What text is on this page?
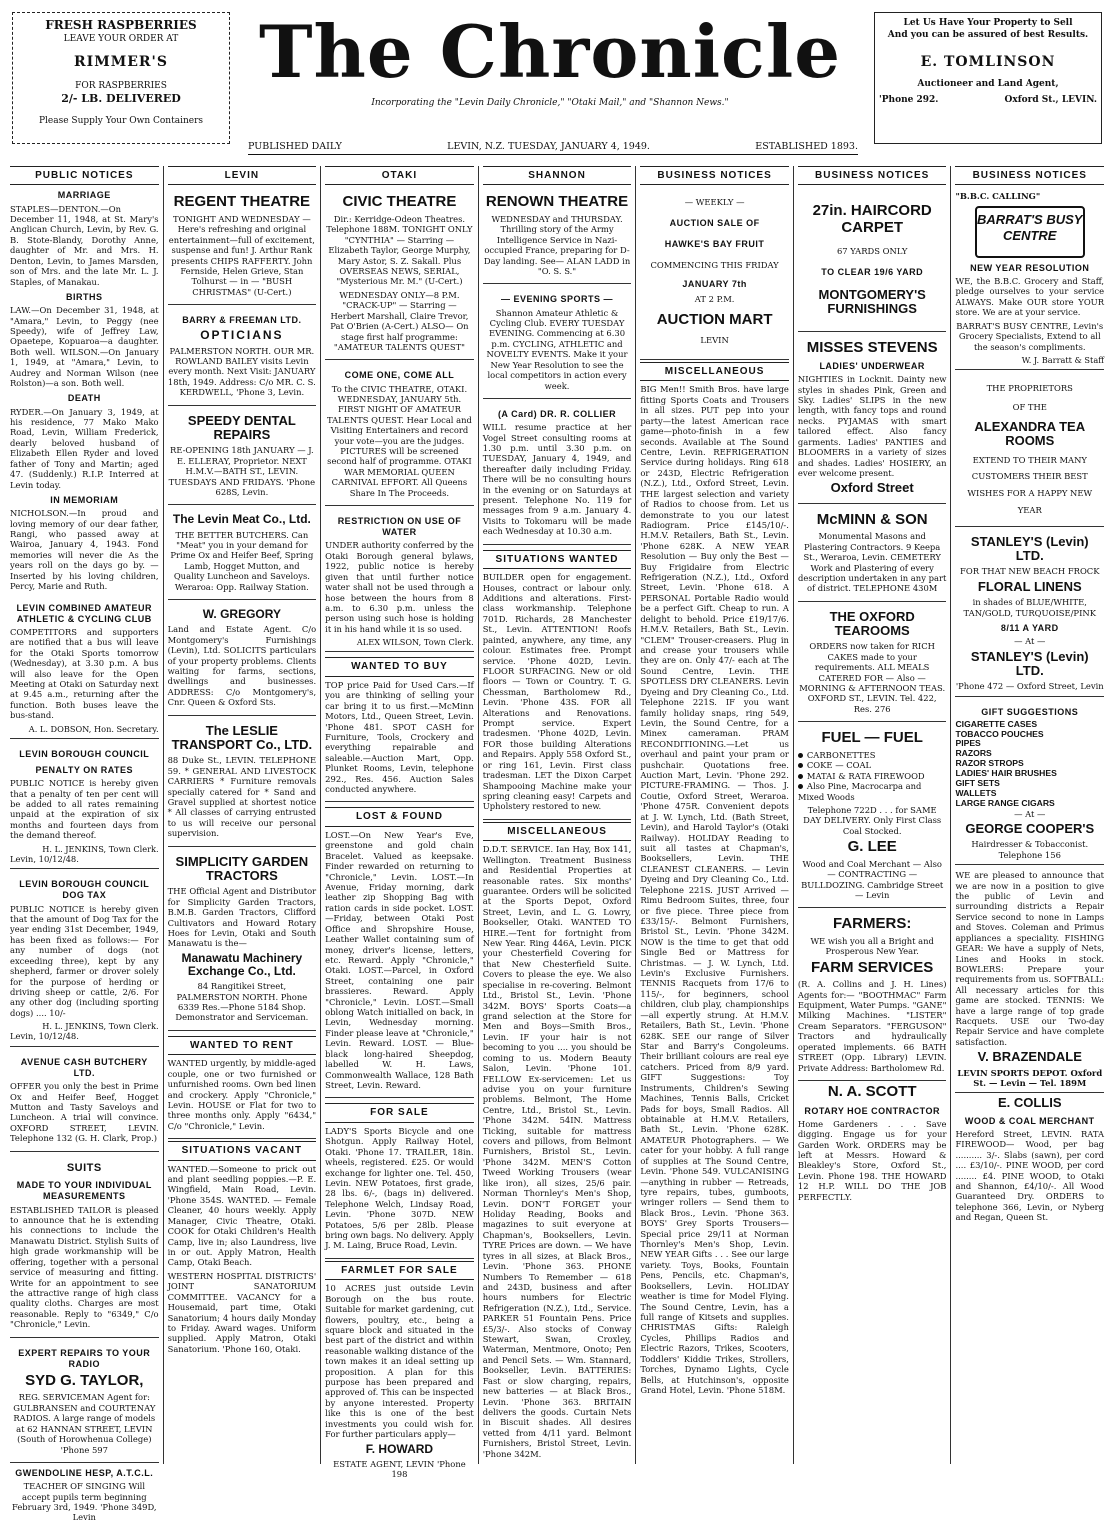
FRESH RASPBERRIES
LEAVE YOUR ORDER AT
RIMMER'S
FOR RASPBERRIES
2/- LB. DELIVERED
Please Supply Your Own Containers
The Chronicle
Incorporating the "Levin Daily Chronicle," "Otaki Mail," and "Shannon News."
Let Us Have Your Property to Sell
And you can be assured of best Results.
E. TOMLINSON
Auctioneer and Land Agent,
'Phone 292.	Oxford St., LEVIN.
PUBLISHED DAILY	LEVIN, N.Z. TUESDAY, JANUARY 4, 1949.	ESTABLISHED 1893.
PUBLIC NOTICES
MARRIAGE

STAPLES—DENTON.—On December 11, 1948, at St. Mary's Anglican Church, Levin, by Rev. G. B. Stote-Blandy, Dorothy Anne, daughter of Mr. and Mrs. H. Denton, Levin, to James Marsden, son of Mrs. and the late Mr. L. J. Staples, of Manakau.

BIRTHS

LAW.—On December 31, 1948, at "Amara," Levin, to Peggy (nee Speedy), wife of Jeffrey Law, Opaetepe, Kopuaroa—a daughter. Both well. WILSON.—On January 1, 1949, at "Amara," Levin, to Audrey and Norman Wilson (nee Rolston)—a son. Both well.

DEATH

RYDER.—On January 3, 1949, at his residence, 77 Mako Mako Road, Levin, William Frederick, dearly beloved husband of Elizabeth Ellen Ryder and loved father of Tony and Martin; aged 47. (Suddenly.) R.I.P. Interred at Levin today.

IN MEMORIAM

NICHOLSON.—In proud and loving memory of our dear father, Rangi, who passed away at Wairoa, January 4, 1943. Fond memories will never die As the years roll on the days go by. —Inserted by his loving children, Percy, Marie and Ruth.

LEVIN COMBINED AMATEUR ATHLETIC & CYCLING CLUB

COMPETITORS and supporters are notified that a bus will leave for the Otaki Sports tomorrow (Wednesday), at 3.30 p.m. A bus will also leave for the Open Meeting at Otaki on Saturday next at 9.45 a.m., returning after the function. Both buses leave the bus-stand.

A. L. DOBSON, Hon. Secretary.
LEVIN BOROUGH COUNCIL
PENALTY ON RATES

PUBLIC NOTICE is hereby given that a penalty of ten per cent will be added to all rates remaining unpaid at the expiration of six months and fourteen days from the demand thereof.

H. L. JENKINS, Town Clerk.
Levin, 10/12/48.
LEVIN BOROUGH COUNCIL DOG TAX

PUBLIC NOTICE is hereby given that the amount of Dog Tax for the year ending 31st December, 1949, has been fixed as follows:— For any number of dogs (not exceeding three), kept by any shepherd, farmer or drover solely for the purpose of herding or driving sheep or cattle, 2/6. For any other dog (including sporting dogs) .... 10/-

H. L. JENKINS, Town Clerk.
Levin, 10/12/48.
AVENUE CASH BUTCHERY LTD.

OFFER you only the best in Prime Ox and Heifer Beef, Hogget Mutton and Tasty Saveloys and Luncheon. A trial will convince. OXFORD STREET, LEVIN. Telephone 132 (G. H. Clark, Prop.)

SUITS
MADE TO YOUR INDIVIDUAL MEASUREMENTS

ESTABLISHED TAILOR is pleased to announce that he is extending his connections to include the Manawatu District. Stylish Suits of high grade workmanship will be offering, together with a personal service of measuring and fitting. Write for an appointment to see the attractive range of high class quality cloths. Charges are most reasonable. Reply to "6349," C/o "Chronicle," Levin.

EXPERT REPAIRS TO YOUR RADIO
SYD G. TAYLOR,

REG. SERVICEMAN Agent for: GULBRANSEN and COURTENAY RADIOS. A large range of models at 62 HANNAN STREET, LEVIN (South of Horowhenua College) 'Phone 597

GWENDOLINE HESP, A.T.C.L.

TEACHER OF SINGING Will accept pupils term beginning February 3rd, 1949. 'Phone 349D, Levin

LEVIN
REGENT THEATRE

TONIGHT AND WEDNESDAY — Here's refreshing and original entertainment—full of excitement, suspense and fun! J. Arthur Rank presents CHIPS RAFFERTY. John Fernside, Helen Grieve, Stan Tolhurst — in — "BUSH CHRISTMAS" (U-Cert.)

BARRY & FREEMAN LTD.
OPTICIANS

PALMERSTON NORTH. OUR MR. ROWLAND BAILEY visits Levin every month. Next Visit: JANUARY 18th, 1949. Address: C/o MR. C. S. KERDWELL, 'Phone 3, Levin.

SPEEDY DENTAL REPAIRS

RE-OPENING 18th JANUARY — J. E. ELLERAY, Proprietor. NEXT H.M.V.—BATH ST., LEVIN. TUESDAYS AND FRIDAYS. 'Phone 628S, Levin.

The Levin Meat Co., Ltd.

THE BETTER BUTCHERS. Can "Meat" you in your demand for Prime Ox and Heifer Beef, Spring Lamb, Hogget Mutton, and Quality Luncheon and Saveloys. Weraroa: Opp. Railway Station.

W. GREGORY

Land and Estate Agent. C/o Montgomery's Furnishings (Levin), Ltd. SOLICITS particulars of your property problems. Clients waiting for farms, sections, dwellings and businesses. ADDRESS: C/o Montgomery's, Cnr. Queen & Oxford Sts.

The LESLIE TRANSPORT Co., LTD.

88 Duke St., LEVIN. TELEPHONE 59. * GENERAL AND LIVESTOCK CARRIERS * Furniture removals specially catered for * Sand and Gravel supplied at shortest notice * All classes of carrying entrusted to us will receive our personal supervision.

SIMPLICITY GARDEN TRACTORS

THE Official Agent and Distributor for Simplicity Garden Tractors, B.M.B. Garden Tractors, Clifford Cultivators and Howard Rotary Hoes for Levin, Otaki and South Manawatu is the—

Manawatu Machinery Exchange Co., Ltd.

84 Rangitikei Street, PALMERSTON NORTH. Phone 6339 Res.—Phone 5184 Shop. Demonstrator and Serviceman.

WANTED TO RENT

WANTED urgently, by middle-aged couple, one or two furnished or unfurnished rooms. Own bed linen and crockery. Apply "Chronicle," Levin. HOUSE or Flat for two to three months only. Apply "6434," C/o "Chronicle," Levin.

SITUATIONS VACANT

WANTED.—Someone to prick out and plant seedling poppies.—P. E. Wingfield, Main Road, Levin. 'Phone 354S. WANTED. — Female Cleaner, 40 hours weekly. Apply Manager, Civic Theatre, Otaki. COOK for Otaki Children's Health Camp, live in; also Laundress, live in or out. Apply Matron, Health Camp, Otaki Beach.

WESTERN HOSPITAL DISTRICTS' JOINT SANATORIUM COMMITTEE. VACANCY for a Housemaid, part time, Otaki Sanatorium; 4 hours daily Monday to Friday. Award wages. Uniform supplied. Apply Matron, Otaki Sanatorium. 'Phone 160, Otaki.

OTAKI
CIVIC THEATRE

Dir.: Kerridge-Odeon Theatres. Telephone 188M. TONIGHT ONLY "CYNTHIA" — Starring — Elizabeth Taylor, George Murphy, Mary Astor, S. Z. Sakall. Plus OVERSEAS NEWS, SERIAL, "Mysterious Mr. M." (U-Cert.)

WEDNESDAY ONLY—8 P.M. "CRACK-UP" — Starring — Herbert Marshall, Claire Trevor, Pat O'Brien (A-Cert.) ALSO— On stage first half programme: "AMATEUR TALENTS QUEST"

COME ONE, COME ALL

To the CIVIC THEATRE, OTAKI. WEDNESDAY, JANUARY 5th. FIRST NIGHT OF AMATEUR TALENTS QUEST. Hear Local and Visiting Entertainers and record your vote—you are the judges. PICTURES will be screened second half of programme. OTAKI WAR MEMORIAL QUEEN CARNIVAL EFFORT. All Queens Share In The Proceeds.

RESTRICTION ON USE OF WATER

UNDER authority conferred by the Otaki Borough general bylaws, 1922, public notice is hereby given that until further notice water shall not be used through a hose between the hours from 8 a.m. to 6.30 p.m. unless the person using such hose is holding it in his hand while it is so used.

ALEX WILSON, Town Clerk.
WANTED TO BUY

TOP price Paid for Used Cars.—If you are thinking of selling your car bring it to us first.—McMinn Motors, Ltd., Queen Street, Levin. 'Phone 481. SPOT CASH for Furniture, Tools, Crockery and everything repairable and saleable.—Auction Mart, Opp. Plunket Rooms, Levin, telephone 292., Res. 456. Auction Sales conducted anywhere.

LOST & FOUND

LOST.—On New Year's Eve, greenstone and gold chain Bracelet. Valued as keepsake. Finder rewarded on returning to "Chronicle," Levin. LOST.—In Avenue, Friday morning, dark leather zip Shopping Bag with ration cards in side pocket. LOST.—Friday, between Otaki Post Office and Shropshire House, Leather Wallet containing sum of money, driver's license, letters, etc. Reward. Apply "Chronicle," Otaki. LOST.—Parcel, in Oxford Street, containing one pair brassieres. Reward. Apply "Chronicle," Levin. LOST.—Small oblong Watch initialled on back, in Levin, Wednesday morning. Finder please leave at "Chronicle," Levin. Reward. LOST. — Blue-black long-haired Sheepdog, labelled W. H. Laws, Commonwealth Wallace, 128 Bath Street, Levin. Reward.

FOR SALE

LADY'S Sports Bicycle and one Shotgun. Apply Railway Hotel, Otaki. 'Phone 17. TRAILER, 18in. wheels, registered. £25. Or would exchange for lighter one. Tel. 450, Levin. NEW Potatoes, first grade, 28 lbs. 6/-, (bags in) delivered. Telephone Welch, Lindsay Road, Levin. 'Phone 307D. NEW Potatoes, 5/6 per 28lb. Please bring own bags. No delivery. Apply J. M. Laing, Bruce Road, Levin.

FARMLET FOR SALE

10 ACRES just outside Levin Borough on the bus route. Suitable for market gardening, cut flowers, poultry, etc., being a square block and situated in the best part of the district and within reasonable walking distance of the town makes it an ideal setting up proposition. A plan for this purpose has been prepared and approved of. This can be inspected by anyone interested. Property like this is one of the best investments you could wish for. For further particulars apply—

F. HOWARD
ESTATE AGENT, LEVIN 'Phone 198
SHANNON
RENOWN THEATRE

WEDNESDAY and THURSDAY. Thrilling story of the Army Intelligence Service in Nazi-occupied France, preparing for D-Day landing. See— ALAN LADD in "O. S. S."

— EVENING SPORTS —

Shannon Amateur Athletic & Cycling Club. EVERY TUESDAY EVENING. Commencing at 6.30 p.m. CYCLING, ATHLETIC and NOVELTY EVENTS. Make it your New Year Resolution to see the local competitors in action every week.

(A Card) DR. R. COLLIER

WILL resume practice at her Vogel Street consulting rooms at 1.30 p.m. until 3.30 p.m. on TUESDAY, January 4, 1949, and thereafter daily including Friday. There will be no consulting hours in the evening or on Saturdays at present. Telephone No. 119 for messages from 9 a.m. January 4. Visits to Tokomaru will be made each Wednesday at 10.30 a.m.

SITUATIONS WANTED

BUILDER open for engagement. Houses, contract or labour only. Additions and alterations. First-class workmanship. Telephone 701D. Richards, 28 Manchester St., Levin. ATTENTION! Roofs painted, anywhere, any time, any colour. Estimates free. Prompt service. 'Phone 402D, Levin. FLOOR SURFACING. New or old floors — Town or Country. T. G. Chessman, Bartholomew Rd., Levin. 'Phone 43S. FOR all Alterations and Renovations. Prompt service. Expert tradesmen. 'Phone 402D, Levin. FOR those building Alterations and Repairs. Apply 558 Oxford St., or ring 161, Levin. First class tradesman. LET the Dixon Carpet Shampooing Machine make your spring cleaning easy! Carpets and Upholstery restored to new.

MISCELLANEOUS

D.D.T. SERVICE. Ian Hay, Box 141, Wellington. Treatment Business and Residential Properties at reasonable rates. Six months' guarantee. Orders will be solicited at the Sports Depot, Oxford Street, Levin, and L. G. Lowry, Bookseller, Otaki. WANTED TO HIRE.—Tent for fortnight from New Year. Ring 446A, Levin. PICK your Chesterfield Covering for that New Chesterfield Suite. Covers to please the eye. We also specialise in re-covering. Belmont Ltd., Bristol St., Levin. 'Phone 342M. BOYS' Sports Coats—a grand selection at the Store for Men and Boys—Smith Bros., Levin. IF your hair is not becoming to you .... you should be coming to us. Modern Beauty Salon, Levin. 'Phone 101. FELLOW Ex-servicemen: Let us advise you on your furniture problems. Belmont, The Home Centre, Ltd., Bristol St., Levin. 'Phone 342M. 54IN. Mattress Ticking, suitable for mattress covers and pillows, from Belmont Furnishers, Bristol St., Levin. 'Phone 342M. MEN'S Cotton Tweed Working Trousers (wear like iron), all sizes, 25/6 pair. Norman Thornley's Men's Shop, Levin. DON'T FORGET your Holiday Reading, Books and magazines to suit everyone at Chapman's, Booksellers, Levin. TYRE Prices are down. — We have tyres in all sizes, at Black Bros., Levin. 'Phone 363. PHONE Numbers To Remember — 618 and 243D, business and after hours numbers for Electric Refrigeration (N.Z.), Ltd., Service. PARKER 51 Fountain Pens. Price £5/3/-. Also stocks of Conway Stewart, Swan, Croxley, Waterman, Mentmore, Onoto; Pen and Pencil Sets. — Wm. Stannard, Bookseller, Levin. BATTERIES: Fast or slow charging, repairs, new batteries — at Black Bros., Levin. 'Phone 363. BRITAIN delivers the goods. Curtain Nets in Biscuit shades. All desires vetted from 4/11 yard. Belmont Furnishers, Bristol Street, Levin. 'Phone 342M.

BUSINESS NOTICES
— WEEKLY —
AUCTION SALE OF
HAWKE'S BAY FRUIT
COMMENCING THIS FRIDAY
JANUARY 7th
AT 2 P.M.
AUCTION MART
LEVIN
MISCELLANEOUS

BIG Men!! Smith Bros. have large fitting Sports Coats and Trousers in all sizes. PUT pep into your party—the latest American race game—photo-finish in a few seconds. Available at The Sound Centre, Levin. REFRIGERATION Service during holidays. Ring 618 or 243D, Electric Refrigeration (N.Z.), Ltd., Oxford Street, Levin. THE largest selection and variety of Radios to choose from. Let us demonstrate to you our latest Radiogram. Price £145/10/-. H.M.V. Retailers, Bath St., Levin. 'Phone 628K. A NEW YEAR Resolution — Buy only the Best — Buy Frigidaire from Electric Refrigeration (N.Z.), Ltd., Oxford Street, Levin. 'Phone 618. A PERSONAL Portable Radio would be a perfect Gift. Cheap to run. A delight to behold. Price £19/17/6. H.M.V. Retailers, Bath St., Levin. "CLEM" Trouser-creasers. Plug in and crease your trousers while they are on. Only 47/- each at The Sound Centre, Levin. THE SPOTLESS DRY CLEANERS. Levin Dyeing and Dry Cleaning Co., Ltd. Telephone 221S. IF you want family holiday snaps, ring 549, Levin, the Sound Centre, for a Minex cameraman. PRAM RECONDITIONING.—Let us overhaul and paint your pram or pushchair. Quotations free. Auction Mart, Levin. 'Phone 292. PICTURE-FRAMING. — Thos. J. Coutie, Oxford Street, Weraroa. 'Phone 475R. Convenient depots at J. W. Lynch, Ltd. (Bath Street, Levin), and Harold Taylor's (Otaki Railway). HOLIDAY Reading to suit all tastes at Chapman's, Booksellers, Levin. THE CLEANEST CLEANERS. — Levin Dyeing and Dry Cleaning Co., Ltd. Telephone 221S. JUST Arrived — Rimu Bedroom Suites, three, four or five piece. Three piece from £33/15/-. Belmont Furnishers, Bristol St., Levin. 'Phone 342M. NOW is the time to get that odd Single Bed or Mattress for Christmas. — J. W. Lynch, Ltd. Levin's Exclusive Furnishers. TENNIS Racquets from 17/6 to 115/-, for beginners, school children, club play, championships—all expertly strung. At H.M.V. Retailers, Bath St., Levin. 'Phone 628K. SEE our range of Silver Star and Barry's Congoleums. Their brilliant colours are real eye catchers. Priced from 8/9 yard. GIFT Suggestions: Toy Instruments, Children's Sewing Machines, Tennis Balls, Cricket Pads for boys, Small Radios. All obtainable at H.M.V. Retailers, Bath St., Levin. 'Phone 628K. AMATEUR Photographers. — We cater for your hobby. A full range of supplies at The Sound Centre, Levin. 'Phone 549. VULCANISING—anything in rubber — Retreads, tyre repairs, tubes, gumboots, wringer rollers — Send them to Black Bros., Levin. 'Phone 363. BOYS' Grey Sports Trousers—Special price 29/11 at Norman Thornley's Men's Shop, Levin. NEW YEAR Gifts . . . See our large variety. Toys, Books, Fountain Pens, Pencils, etc. Chapman's, Booksellers, Levin. HOLIDAY weather is time for Model Flying. The Sound Centre, Levin, has a full range of Kitsets and supplies. CHRISTMAS Gifts: Raleigh Cycles, Phillips Radios and Electric Razors, Trikes, Scooters, Toddlers' Kiddie Trikes, Strollers, Torches, Dynamo Lights, Cycle Bells, at Hutchinson's, opposite Grand Hotel, Levin. 'Phone 518M.

BUSINESS NOTICES
27in. HAIRCORD CARPET
67 YARDS ONLY
TO CLEAR 19/6 YARD
MONTGOMERY'S FURNISHINGS
MISSES STEVENS
LADIES' UNDERWEAR

NIGHTIES in Locknit. Dainty new styles in shades Pink, Green and Sky. Ladies' SLIPS in the new length, with fancy tops and round necks. PYJAMAS with smart tailored effect. Also fancy garments. Ladies' PANTIES and BLOOMERS in a variety of sizes and shades. Ladies' HOSIERY, an ever welcome present.

Oxford Street
McMINN & SON

Monumental Masons and Plastering Contractors. 9 Keepa St., Weraroa, Levin. CEMETERY Work and Plastering of every description undertaken in any part of district. TELEPHONE 430M

THE OXFORD TEAROOMS

ORDERS now taken for RICH CAKES made to your requirements. ALL MEALS CATERED FOR — Also — MORNING & AFTERNOON TEAS. OXFORD ST., LEVIN. Tel. 422, Res. 276

FUEL — FUEL
CARBONETTES
COKE — COAL
MATAI & RATA FIREWOOD
Also Pine, Macrocarpa and Mixed Woods

Telephone 722D . . . for SAME DAY DELIVERY. Only First Class Coal Stocked.

G. LEE

Wood and Coal Merchant — Also — CONTRACTING — BULLDOZING. Cambridge Street — Levin

FARMERS:

WE wish you all a Bright and Prosperous New Year.

FARM SERVICES

(R. A. Collins and J. H. Lines) Agents for:— "BOOTHMAC" Farm Equipment, Water Pumps. "GANE" Milking Machines. "LISTER" Cream Separators. "FERGUSON" Tractors and hydraulically operated implements. 66 BATH STREET (Opp. Library) LEVIN. Private Address: Bartholomew Rd.

N. A. SCOTT
ROTARY HOE CONTRACTOR

Home Gardeners . . . Save digging. Engage us for your Garden Work. ORDERS may be left at Messrs. Howard & Bleakley's Store, Oxford St., Levin. Phone 198. THE HOWARD 12 H.P. WILL DO THE JOB PERFECTLY.

BUSINESS NOTICES
"B.B.C. CALLING"
BARRAT'S BUSY CENTRE
NEW YEAR RESOLUTION

WE, the B.B.C. Grocery and Staff, pledge ourselves to your service ALWAYS. Make OUR store YOUR store. We are at your service.

BARRAT'S BUSY CENTRE, Levin's Grocery Specialists, Extend to all the season's compliments.

W. J. Barratt & Staff
THE PROPRIETORS
OF THE
ALEXANDRA TEA ROOMS

EXTEND TO THEIR MANY CUSTOMERS THEIR BEST WISHES FOR A HAPPY NEW YEAR

STANLEY'S (Levin) LTD.
FOR THAT NEW BEACH FROCK
FLORAL LINENS
in shades of BLUE/WHITE, TAN/GOLD, TURQUOISE/PINK
8/11 A YARD
— At —
STANLEY'S (Levin) LTD.
'Phone 472 — Oxford Street, Levin
GIFT SUGGESTIONS
CIGARETTE CASES
TOBACCO POUCHES
PIPES
RAZORS
RAZOR STROPS
LADIES' HAIR BRUSHES
GIFT SETS
WALLETS
LARGE RANGE CIGARS
— At —
GEORGE COOPER'S
Hairdresser & Tobacconist. Telephone 156

WE are pleased to announce that we are now in a position to give the public of Levin and surrounding districts a Repair Service second to none in Lamps and Stoves. Coleman and Primus appliances a speciality. FISHING GEAR: We have a supply of Nets, Lines and Hooks in stock. BOWLERS: Prepare your requirements from us. SOFTBALL: All necessary articles for this game are stocked. TENNIS: We have a large range of top grade Racquets. USE our Two-day Repair Service and have complete satisfaction.

V. BRAZENDALE
LEVIN SPORTS DEPOT. Oxford St. — Levin — Tel. 189M
E. COLLIS
WOOD & COAL MERCHANT

Hereford Street, LEVIN. RATA FIREWOOD— Wood, per bag .......... 3/-. Slabs (sawn), per cord .... £3/10/-. PINE WOOD, per cord ........ £4. PINE WOOD, to Otaki and Shannon, £4/10/-. All Wood Guaranteed Dry. ORDERS to telephone 366, Levin, or Nyberg and Regan, Queen St.
